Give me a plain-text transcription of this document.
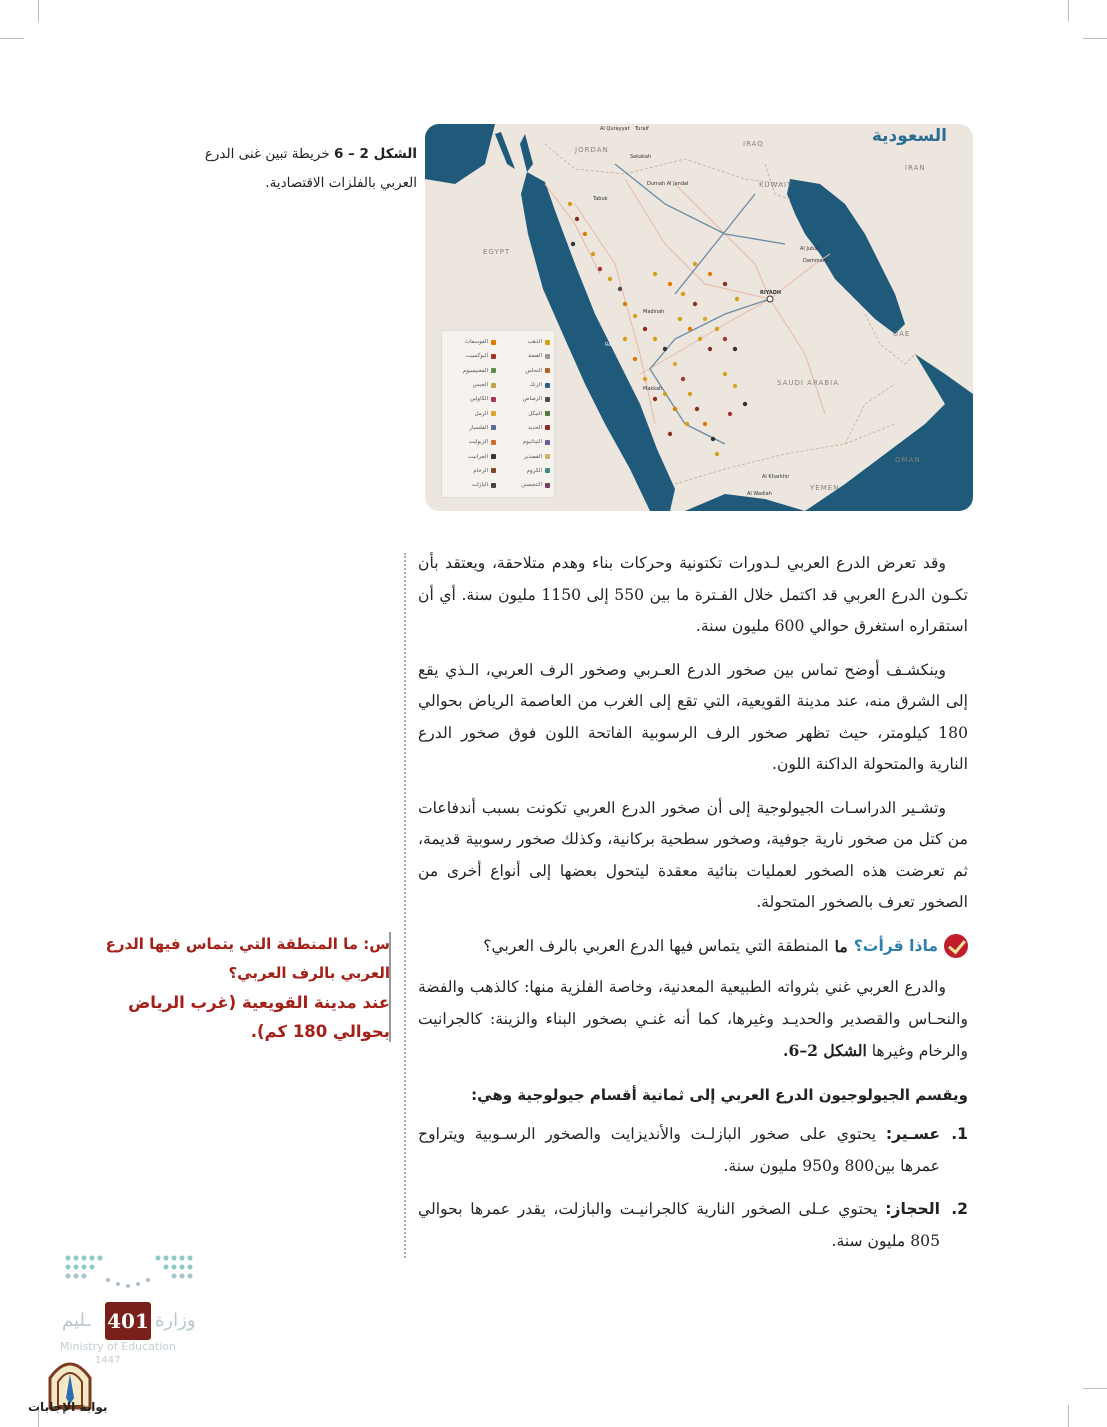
السعودية
JORDAN
IRAQ
IRAN
KUWAIT
EGYPT
SAUDI ARABIA
UAE
OMAN
YEMEN
RIYADH
Red Sea
Al Qurayyat Turaif
Sakakah
Dumah Al Jandal
Tabuk
Al Jubail
Dammam
Madinah
Makkah
Al Kharkhir
Al Wadiah
الذهب
الفضة
النحاس
الزنك
الرصاص
النيكل
الحديد
التيتانيوم
القصدير
الكروم
التنجستن
الفوسفات
البوكسيت
المغنيسيوم
الجبس
الكاولين
الرمل
الفلسبار
الزيوليت
الجرانيت
الرخام
البازلت
الشكل 2 – 6 خريطة تبين غنى الدرع العربي بالفلزات الاقتصادية.

وقد تعرض الدرع العربي لـدورات تكتونية وحركات بناء وهدم متلاحقة، ويعتقد بأن تكـون الدرع العربي قد اكتمل خلال الفـترة ما بين 550 إلى 1150 مليون سنة. أي أن استقراره استغرق حوالي 600 مليون سنة.

وينكشـف أوضح تماس بين صخور الدرع العـربي وصخور الرف العربي، الـذي يقع إلى الشرق منه، عند مدينة القويعية، التي تقع إلى الغرب من العاصمة الرياض بحوالي 180 كيلومتر، حيث تظهر صخور الرف الرسوبية الفاتحة اللون فوق صخور الدرع النارية والمتحولة الداكنة اللون.

وتشـير الدراسـات الجيولوجية إلى أن صخور الدرع العربي تكونت بسبب أندفاعات من كتل من صخور نارية جوفية، وصخور سطحية بركانية، وكذلك صخور رسوبية قديمة، ثم تعرضت هذه الصخور لعمليات بنائية معقدة ليتحول بعضها إلى أنواع أخرى من الصخور تعرف بالصخور المتحولة.

ماذا قرأت؟
ما
المنطقة التي يتماس فيها الدرع العربي بالرف العربي؟

والدرع العربي غني بثرواته الطبيعية المعدنية، وخاصة الفلزية منها: كالذهب والفضة والنحـاس والقصدير والحديـد وغيرها، كما أنه غنـي بصخور البناء والزينة: كالجرانيت والرخام وغيرها الشكل 2–6.

ويقسم الجيولوجيون الدرع العربي إلى ثمانية أقسام جيولوجية وهي:
1.
عسـير: يحتوي على صخور البازلـت والأنديزايت والصخور الرسـوبية ويتراوح عمرها بين800 و950 مليون سنة.
2.
الحجاز: يحتوي عـلى الصخور النارية كالجرانيـت والبازلت، يقدر عمرها بحوالي 805 مليون سنة.
س: ما المنطقة التي يتماس فيها الدرع العربي بالرف العربي؟
عند مدينة القويعية (غرب الرياض بحوالي 180 كم).
ـليم	وزارة
401
Ministry of Education
1447
بوابة الإجابات
